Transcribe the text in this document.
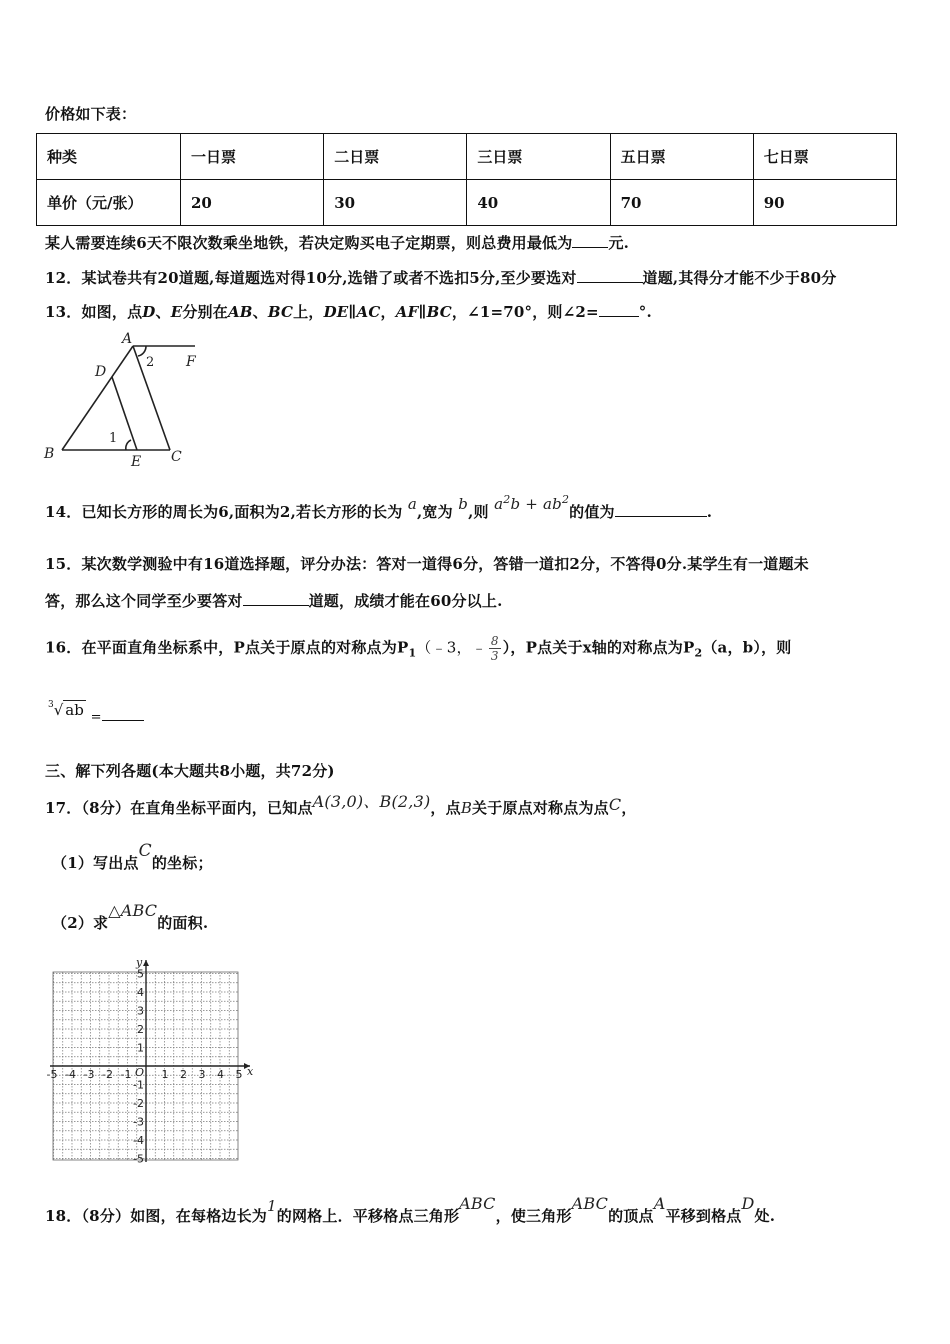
价格如下表：
种类	一日票	二日票	三日票	五日票	七日票
单价（元/张）	20	30	40	70	90
某人需要连续6天不限次数乘坐地铁，若决定购买电子定期票，则总费用最低为 元.
12．某试卷共有20道题,每道题选对得10分,选错了或者不选扣5分,至少要选对	道题,其得分才能不少于80分
13．如图，点D、E分别在AB、BC上，DE∥AC，AF∥BC，∠1=70°，则∠2=	°.
A
B	C
D
E
F
1
2
14．已知长方形的周长为6,面积为2,若长方形的长为 a,宽为 b,则 $a^2b + ab^2$的值为	.
15．某次数学测验中有16道选择题，评分办法：答对一道得6分，答错一道扣2分，不答得0分.某学生有一道题未
答，那么这个同学至少要答对	道题，成绩才能在60分以上.
16．在平面直角坐标系中，P点关于原点的对称点为$P_1(﹣3$，﹣ $\frac{8}{3}$ ），P点关于x轴的对称点为$P_2(a$，b），则
$^3$√ ab =
三、解下列各题(本大题共8小题，共72分)
17．（8分）在直角坐标平面内，已知点A(3,0)、B(2,3)，点B关于原点对称点为点C，
（1）写出点C的坐标；
（2）求△ABC的面积.
x
y
O
-5 -4 -3 -2 -1	1 2 3 4 5
5
4
3
2
1
-1
-2
-3
-4
-5
18．（8分）如图，在每格边长为1的网格上．平移格点三角形ABC，使三角形ABC的顶点A平移到格点D处.
